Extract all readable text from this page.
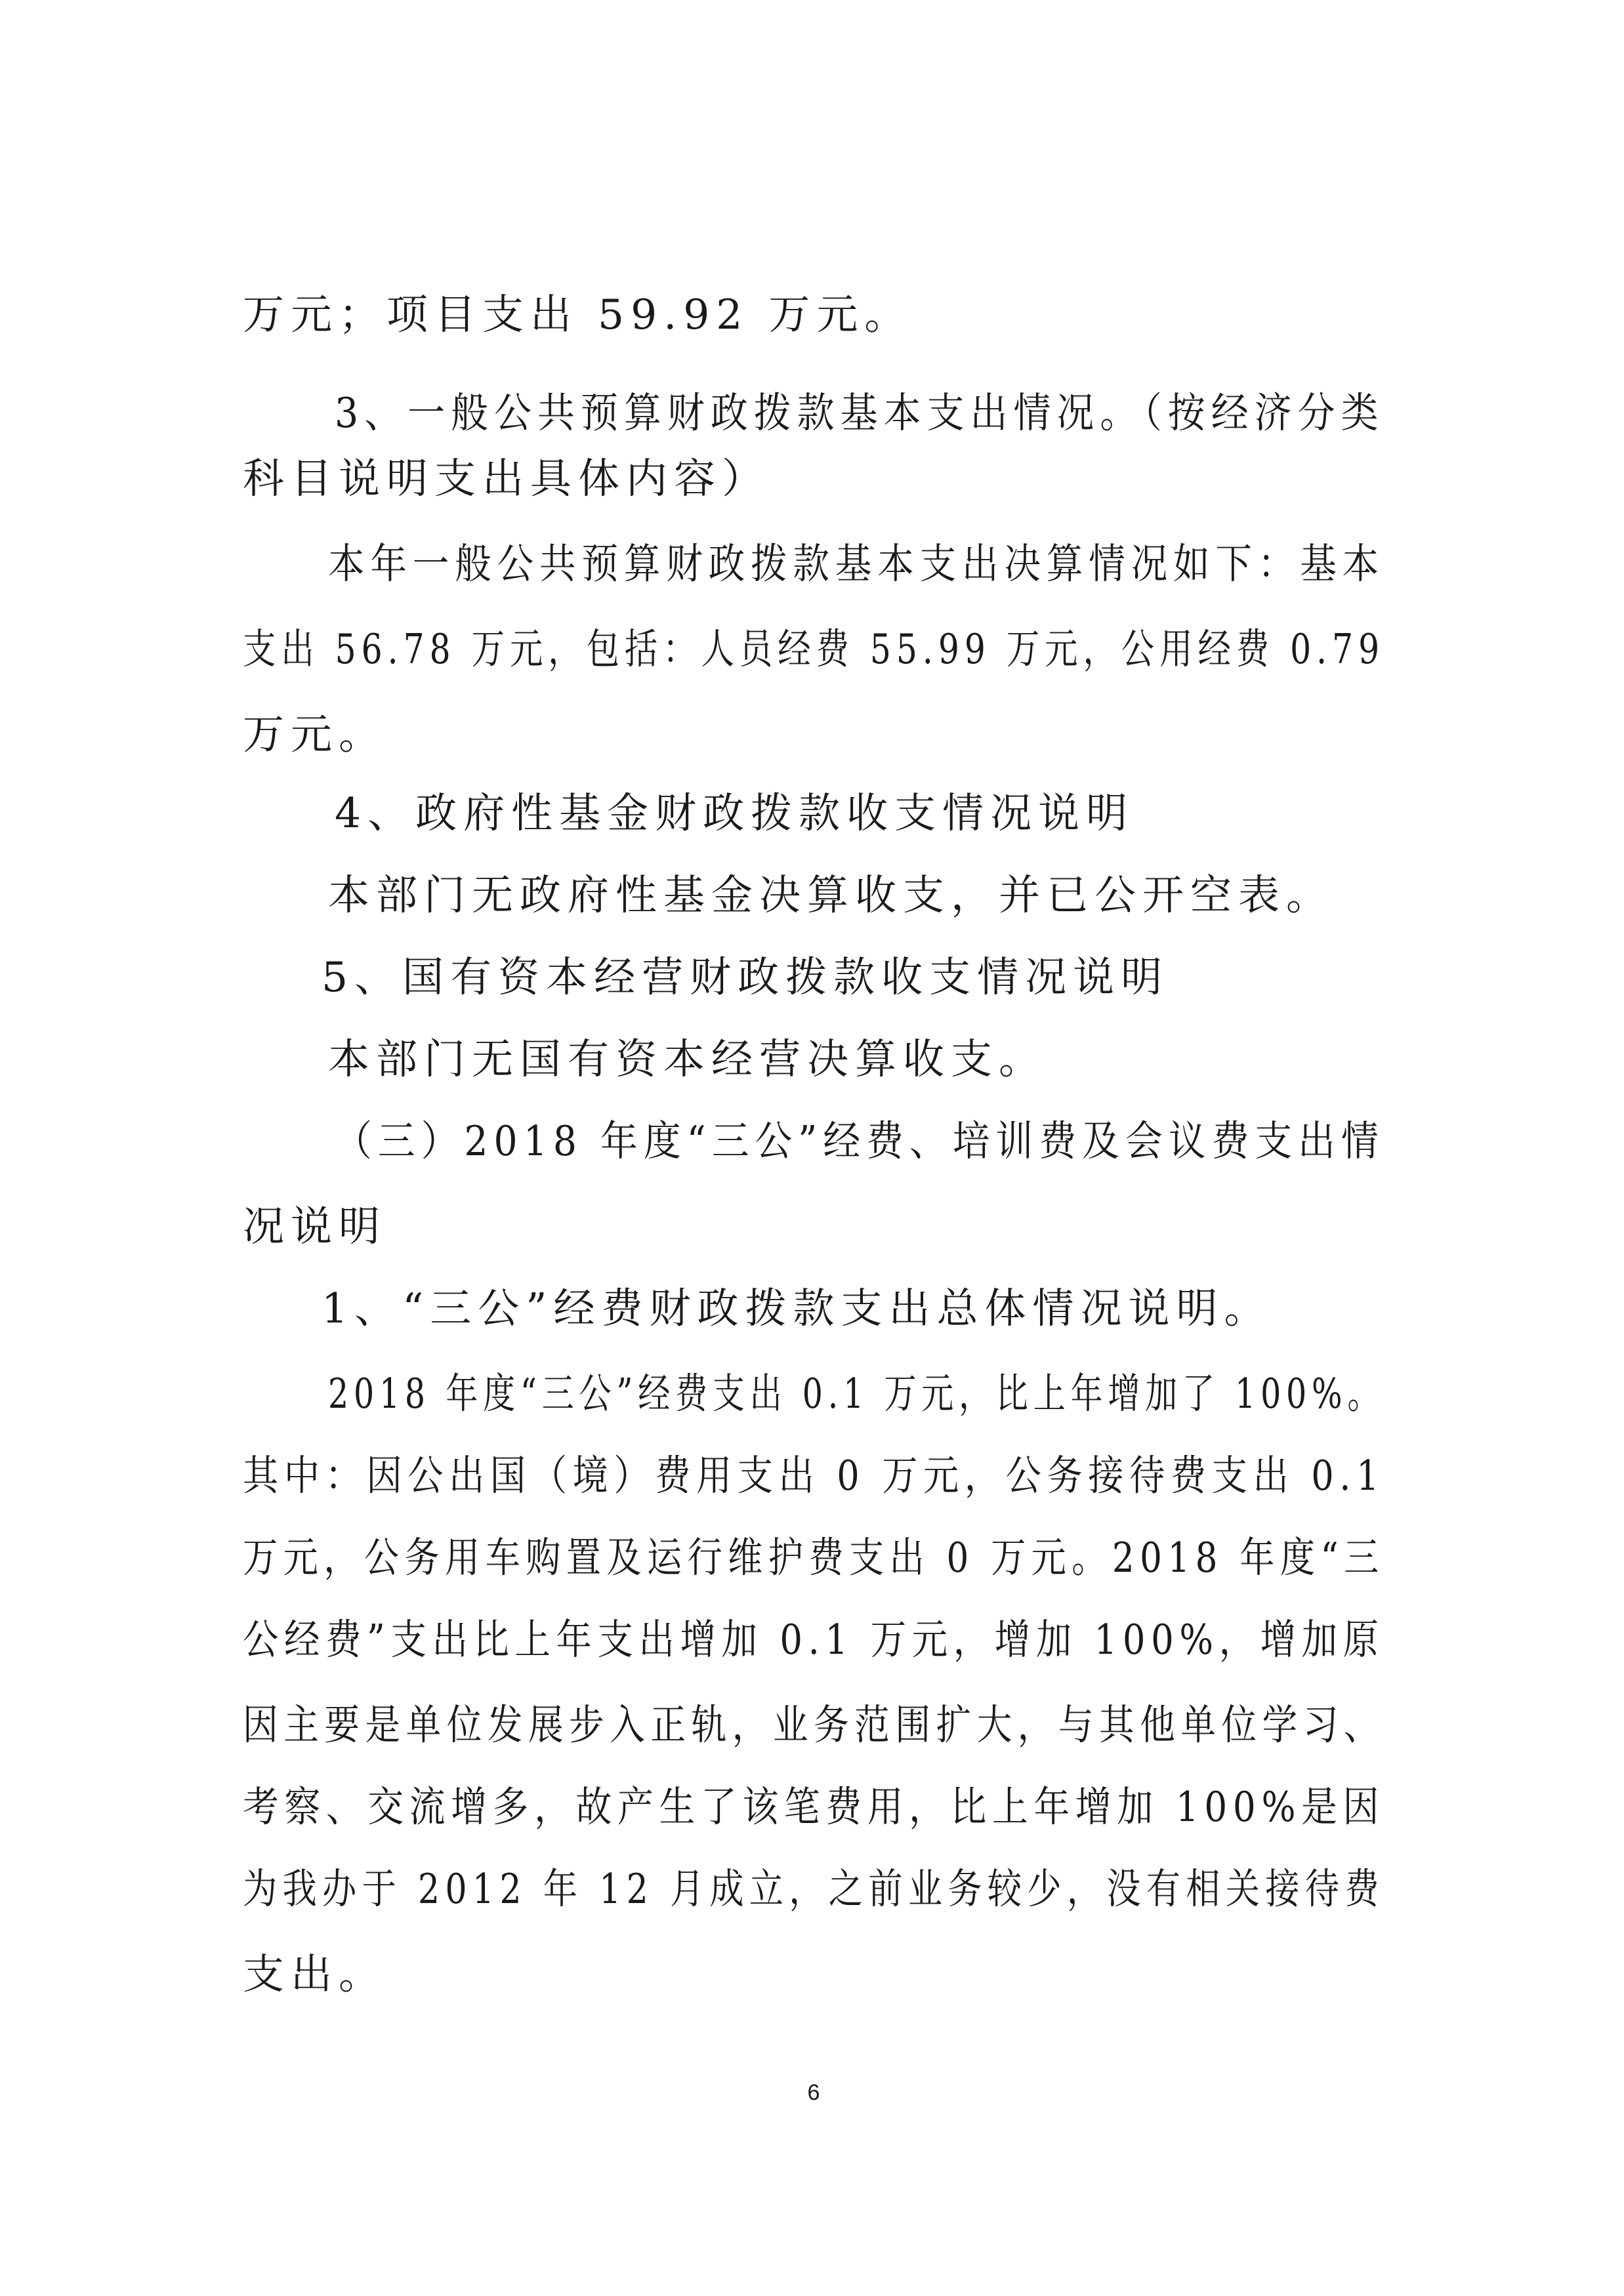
万元；项目支出 59.92 万元。

3、一般公共预算财政拨款基本支出情况。（按经济分类

科目说明支出具体内容）

本年一般公共预算财政拨款基本支出决算情况如下：基本

支出 56.78 万元，包括：人员经费 55.99 万元，公用经费 0.79

万元。

4、政府性基金财政拨款收支情况说明

本部门无政府性基金决算收支，并已公开空表。

5、国有资本经营财政拨款收支情况说明

本部门无国有资本经营决算收支。

（三）2018 年度“三公”经费、培训费及会议费支出情

况说明

1、“三公”经费财政拨款支出总体情况说明。

2018 年度“三公”经费支出 0.1 万元，比上年增加了 100%。

其中：因公出国（境）费用支出 0 万元，公务接待费支出 0.1

万元，公务用车购置及运行维护费支出 0 万元。2018 年度“三

公经费”支出比上年支出增加 0.1 万元，增加 100%，增加原

因主要是单位发展步入正轨，业务范围扩大，与其他单位学习、

考察、交流增多，故产生了该笔费用，比上年增加 100%是因

为我办于 2012 年 12 月成立，之前业务较少，没有相关接待费

支出。

6
